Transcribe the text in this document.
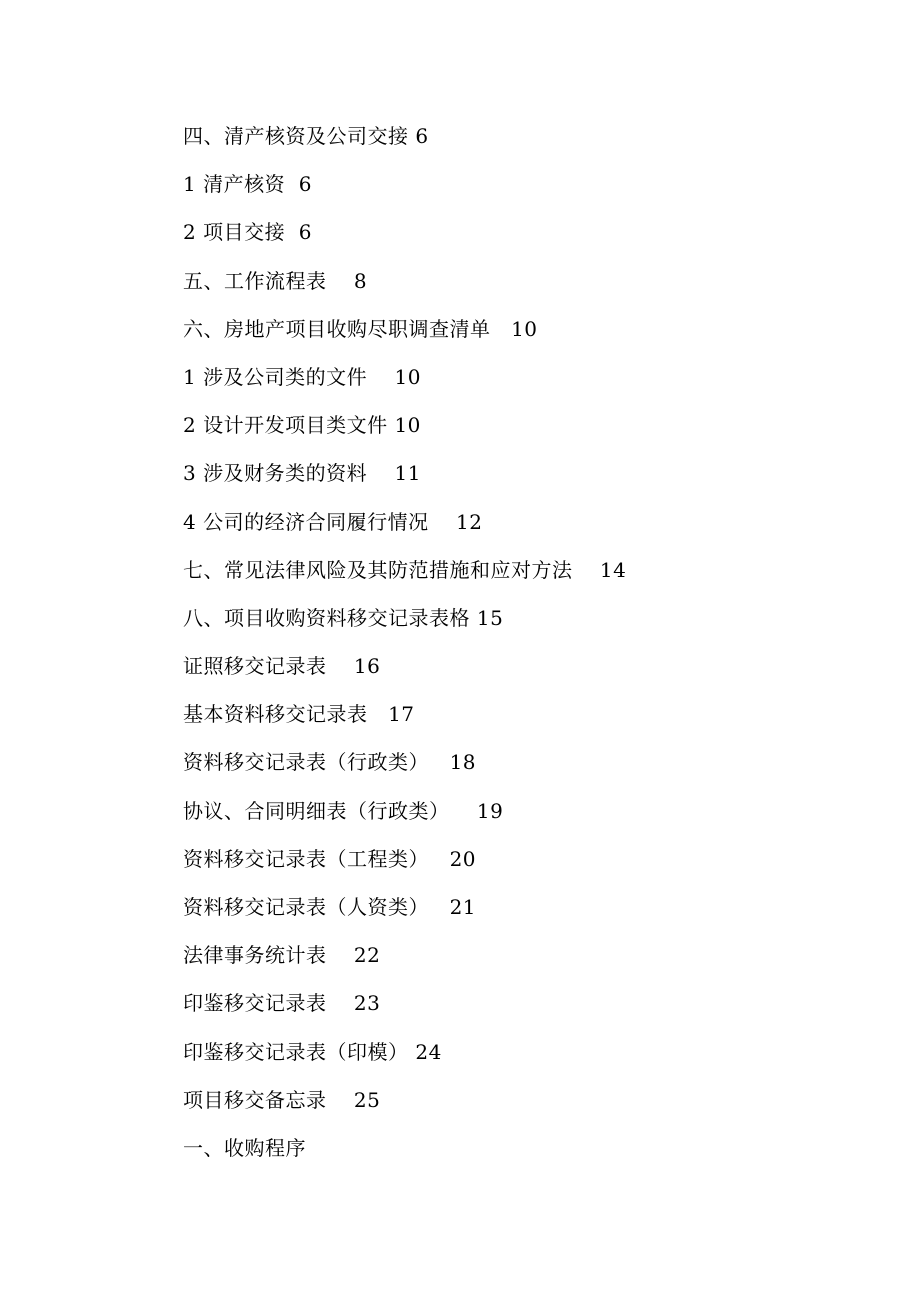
四、清产核资及公司交接 6
1 清产核资  6
2 项目交接  6
五、工作流程表    8
六、房地产项目收购尽职调查清单   10
1 涉及公司类的文件    10
2 设计开发项目类文件 10
3 涉及财务类的资料    11
4 公司的经济合同履行情况    12
七、常见法律风险及其防范措施和应对方法    14
八、项目收购资料移交记录表格 15
证照移交记录表    16
基本资料移交记录表   17
资料移交记录表（行政类）   18
协议、合同明细表（行政类）    19
资料移交记录表（工程类）   20
资料移交记录表（人资类）   21
法律事务统计表    22
印鉴移交记录表    23
印鉴移交记录表（印模） 24
项目移交备忘录    25
一、收购程序
